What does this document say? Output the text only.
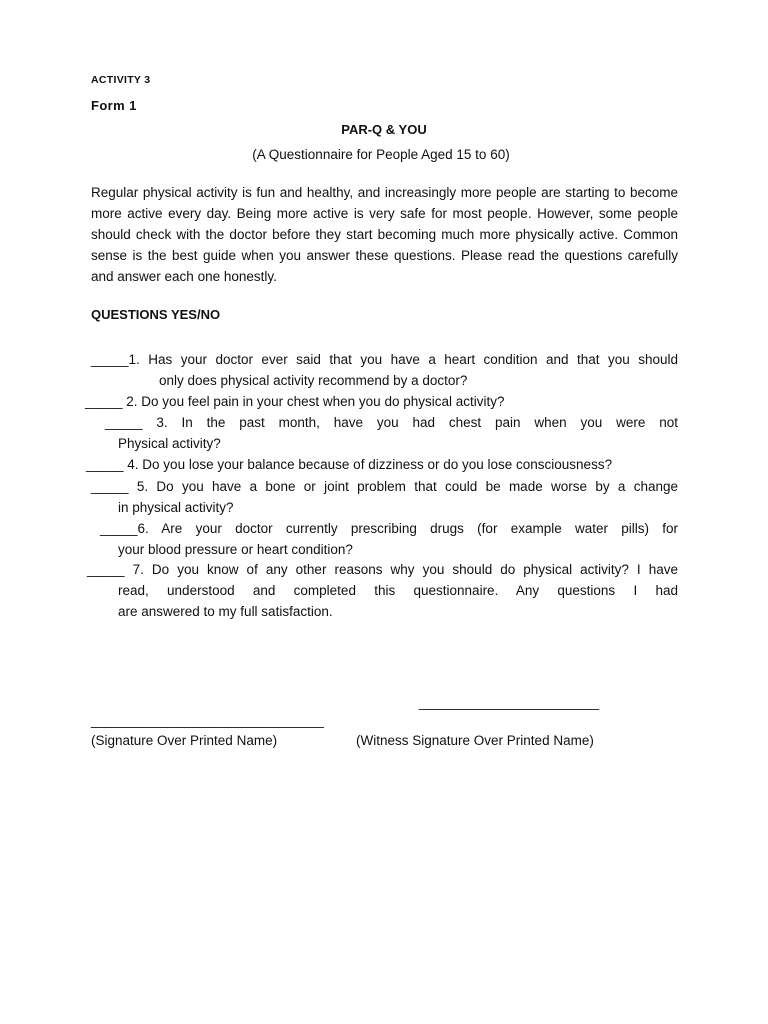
ACTIVITY 3
Form 1
PAR-Q & YOU
(A Questionnaire for People Aged 15 to 60)
Regular physical activity is fun and healthy, and increasingly more people are starting to become more active every day. Being more active is very safe for most people. However, some people should check with the doctor before they start becoming much more physically active. Common sense is the best guide when you answer these questions. Please read the questions carefully and answer each one honestly.
QUESTIONS YES/NO
_____1. Has your doctor ever said that you have a heart condition and that you should
only does physical activity recommend by a doctor?
_____ 2. Do you feel pain in your chest when you do physical activity?
_____ 3. In the past month, have you had chest pain when you were not
Physical activity?
_____ 4. Do you lose your balance because of dizziness or do you lose consciousness?
_____ 5. Do you have a bone or joint problem that could be made worse by a change
in physical activity?
_____6. Are your doctor currently prescribing drugs (for example water pills) for
your blood pressure or heart condition?
_____ 7. Do you know of any other reasons why you should do physical activity? I have
read, understood and completed this questionnaire. Any questions I had
are answered to my full satisfaction.
________________________
_______________________________
(Signature Over Printed Name)	(Witness Signature Over Printed Name)
